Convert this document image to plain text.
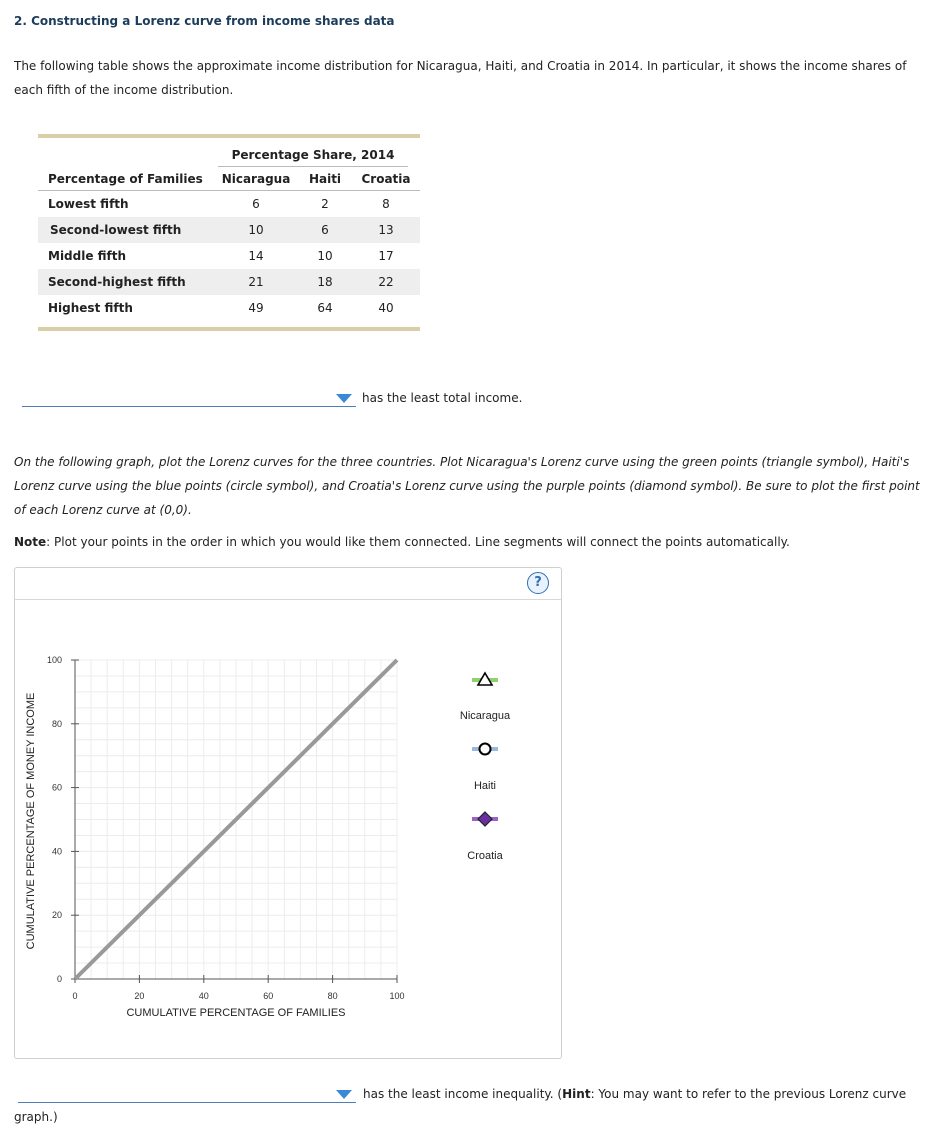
2. Constructing a Lorenz curve from income shares data
The following table shows the approximate income distribution for Nicaragua, Haiti, and Croatia in 2014. In particular, it shows the income shares of each fifth of the income distribution.
Percentage Share, 2014
Percentage of Families	Nicaragua	Haiti	Croatia
Lowest fifth	6	2	8
Second-lowest fifth	10	6	13
Middle fifth	14	10	17
Second-highest fifth	21	18	22
Highest fifth	49	64	40
has the least total income.
On the following graph, plot the Lorenz curves for the three countries. Plot Nicaragua's Lorenz curve using the green points (triangle symbol), Haiti's Lorenz curve using the blue points (circle symbol), and Croatia's Lorenz curve using the purple points (diamond symbol). Be sure to plot the first point of each Lorenz curve at (0,0).
Note: Plot your points in the order in which you would like them connected. Line segments will connect the points automatically.
?
0	20	40	60	80	100
0
20
40
60
80
100
CUMULATIVE PERCENTAGE OF FAMILIES
CUMULATIVE PERCENTAGE OF MONEY INCOME	Nicaragua
Haiti
Croatia
has the least income inequality. (Hint: You may want to refer to the previous Lorenz curve
graph.)
